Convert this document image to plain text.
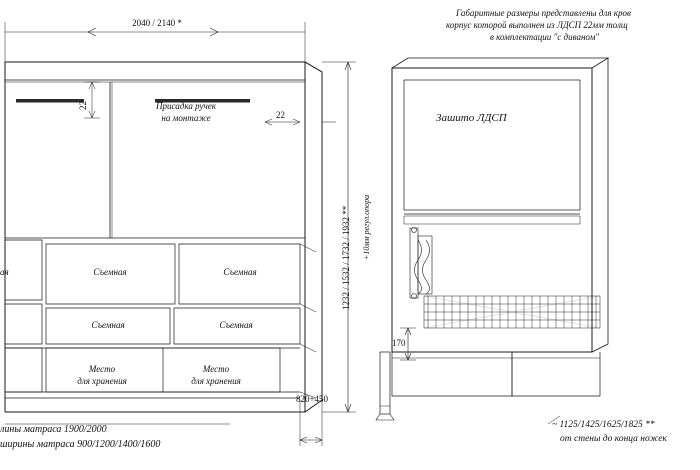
2040 / 2140 *
Габаритные размеры представлены для кров
корпус которой выполнен из ЛДСП 22мм толщ
в комплектации "с диваном"
22
22
Присадка ручек
на монтаже
1232 / 1532 / 1732 / 1932 ** +10мм регул.опора
Зашито ЛДСП
820+450
ая	Съемная	Съемная
Съемная	Съемная
Место
для хранения
Место
для хранения
лины матраса 1900/2000
ширины матраса 900/1200/1400/1600
170
~ 1125/1425/1625/1825 **
от стены до конца ножек
